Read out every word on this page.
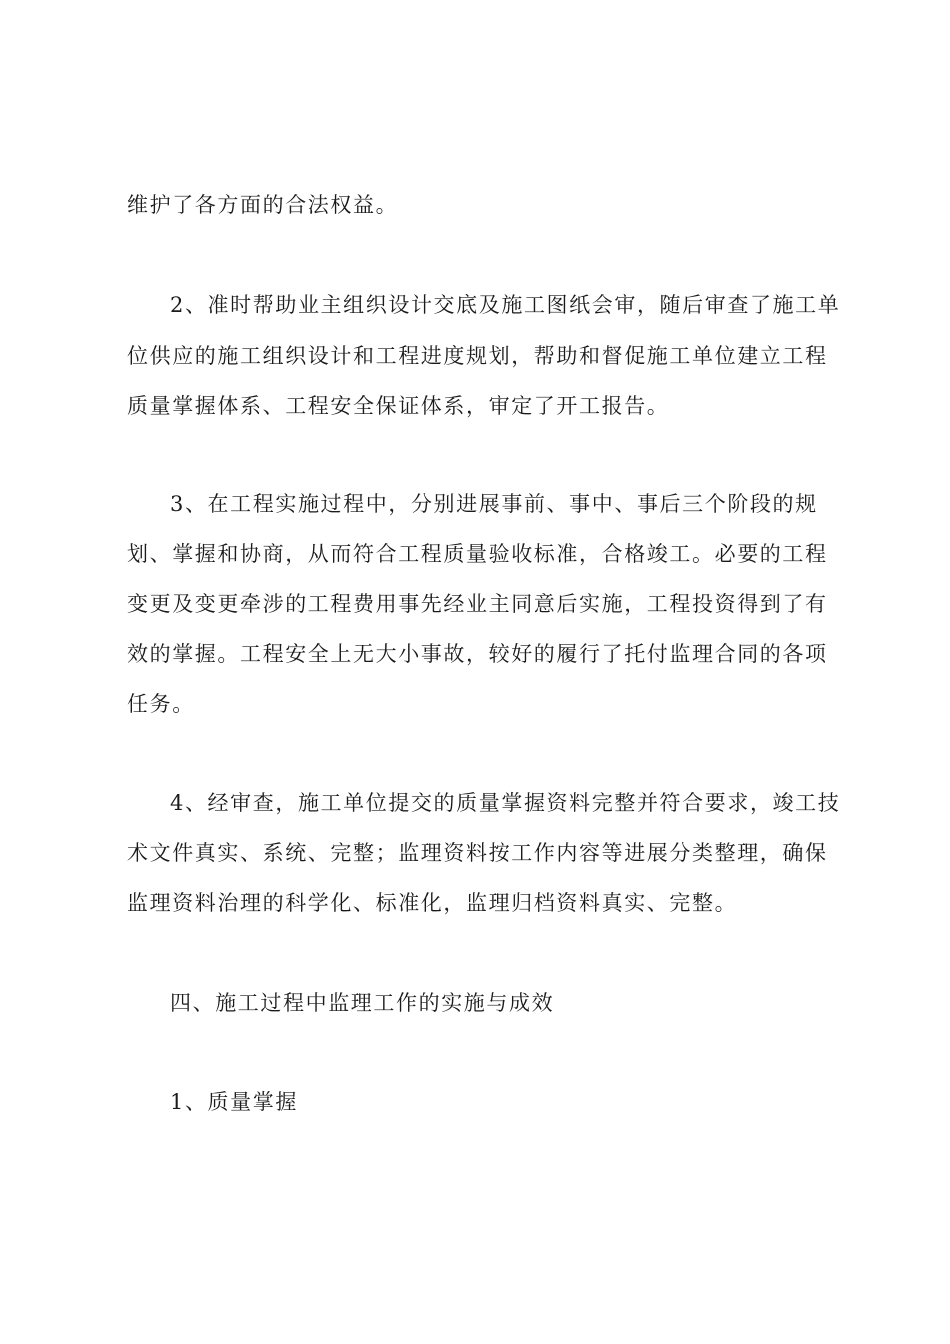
维护了各方面的合法权益。
2、准时帮助业主组织设计交底及施工图纸会审，随后审查了施工单
位供应的施工组织设计和工程进度规划，帮助和督促施工单位建立工程
质量掌握体系、工程安全保证体系，审定了开工报告。
3、在工程实施过程中，分别进展事前、事中、事后三个阶段的规
划、掌握和协商，从而符合工程质量验收标准，合格竣工。必要的工程
变更及变更牵涉的工程费用事先经业主同意后实施，工程投资得到了有
效的掌握。工程安全上无大小事故，较好的履行了托付监理合同的各项
任务。
4、经审查，施工单位提交的质量掌握资料完整并符合要求，竣工技
术文件真实、系统、完整；监理资料按工作内容等进展分类整理，确保
监理资料治理的科学化、标准化，监理归档资料真实、完整。
四、施工过程中监理工作的实施与成效
1、质量掌握
